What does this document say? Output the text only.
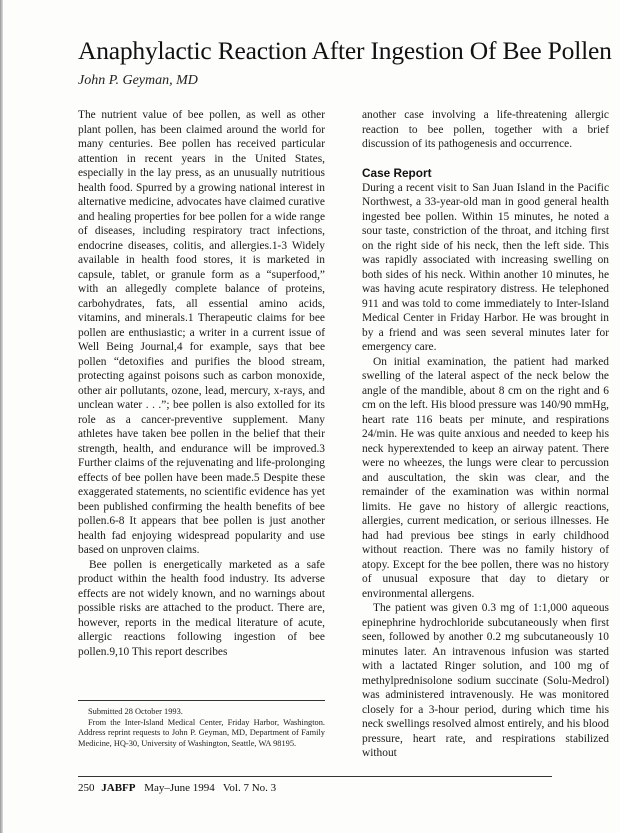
Anaphylactic Reaction After Ingestion Of Bee Pollen
John P. Geyman, MD

The nutrient value of bee pollen, as well as other plant pollen, has been claimed around the world for many centuries. Bee pollen has received particular attention in recent years in the United States, especially in the lay press, as an unusually nutritious health food. Spurred by a growing national interest in alternative medicine, advocates have claimed curative and healing properties for bee pollen for a wide range of diseases, including respiratory tract infections, endocrine diseases, colitis, and allergies.1-3 Widely available in health food stores, it is marketed in capsule, tablet, or granule form as a “superfood,” with an allegedly complete balance of proteins, carbohydrates, fats, all essential amino acids, vitamins, and minerals.1 Therapeutic claims for bee pollen are enthusiastic; a writer in a current issue of Well Being Journal,4 for example, says that bee pollen “detoxifies and purifies the blood stream, protecting against poisons such as carbon monoxide, other air pollutants, ozone, lead, mercury, x-rays, and unclean water . . .”; bee pollen is also extolled for its role as a cancer-preventive supplement. Many athletes have taken bee pollen in the belief that their strength, health, and endurance will be improved.3 Further claims of the rejuvenating and life-prolonging effects of bee pollen have been made.5 Despite these exaggerated statements, no scientific evidence has yet been published confirming the health benefits of bee pollen.6-8 It appears that bee pollen is just another health fad enjoying widespread popularity and use based on unproven claims.

Bee pollen is energetically marketed as a safe product within the health food industry. Its adverse effects are not widely known, and no warnings about possible risks are attached to the product. There are, however, reports in the medical literature of acute, allergic reactions following ingestion of bee pollen.9,10 This report describes

another case involving a life-threatening allergic reaction to bee pollen, together with a brief discussion of its pathogenesis and occurrence.

Case Report

During a recent visit to San Juan Island in the Pacific Northwest, a 33-year-old man in good general health ingested bee pollen. Within 15 minutes, he noted a sour taste, constriction of the throat, and itching first on the right side of his neck, then the left side. This was rapidly associated with increasing swelling on both sides of his neck. Within another 10 minutes, he was having acute respiratory distress. He telephoned 911 and was told to come immediately to Inter-Island Medical Center in Friday Harbor. He was brought in by a friend and was seen several minutes later for emergency care.

On initial examination, the patient had marked swelling of the lateral aspect of the neck below the angle of the mandible, about 8 cm on the right and 6 cm on the left. His blood pressure was 140/90 mmHg, heart rate 116 beats per minute, and respirations 24/min. He was quite anxious and needed to keep his neck hyperextended to keep an airway patent. There were no wheezes, the lungs were clear to percussion and auscultation, the skin was clear, and the remainder of the examination was within normal limits. He gave no history of allergic reactions, allergies, current medication, or serious illnesses. He had had previous bee stings in early childhood without reaction. There was no family history of atopy. Except for the bee pollen, there was no history of unusual exposure that day to dietary or environmental allergens.

The patient was given 0.3 mg of 1:1,000 aqueous epinephrine hydrochloride subcutaneously when first seen, followed by another 0.2 mg subcutaneously 10 minutes later. An intravenous infusion was started with a lactated Ringer solution, and 100 mg of methylprednisolone sodium succinate (Solu-Medrol) was administered intravenously. He was monitored closely for a 3-hour period, during which time his neck swellings resolved almost entirely, and his blood pressure, heart rate, and respirations stabilized without

Submitted 28 October 1993.

From the Inter-Island Medical Center, Friday Harbor, Washington. Address reprint requests to John P. Geyman, MD, Department of Family Medicine, HQ-30, University of Washington, Seattle, WA 98195.

250 JABFP May–June 1994   Vol. 7 No. 3
